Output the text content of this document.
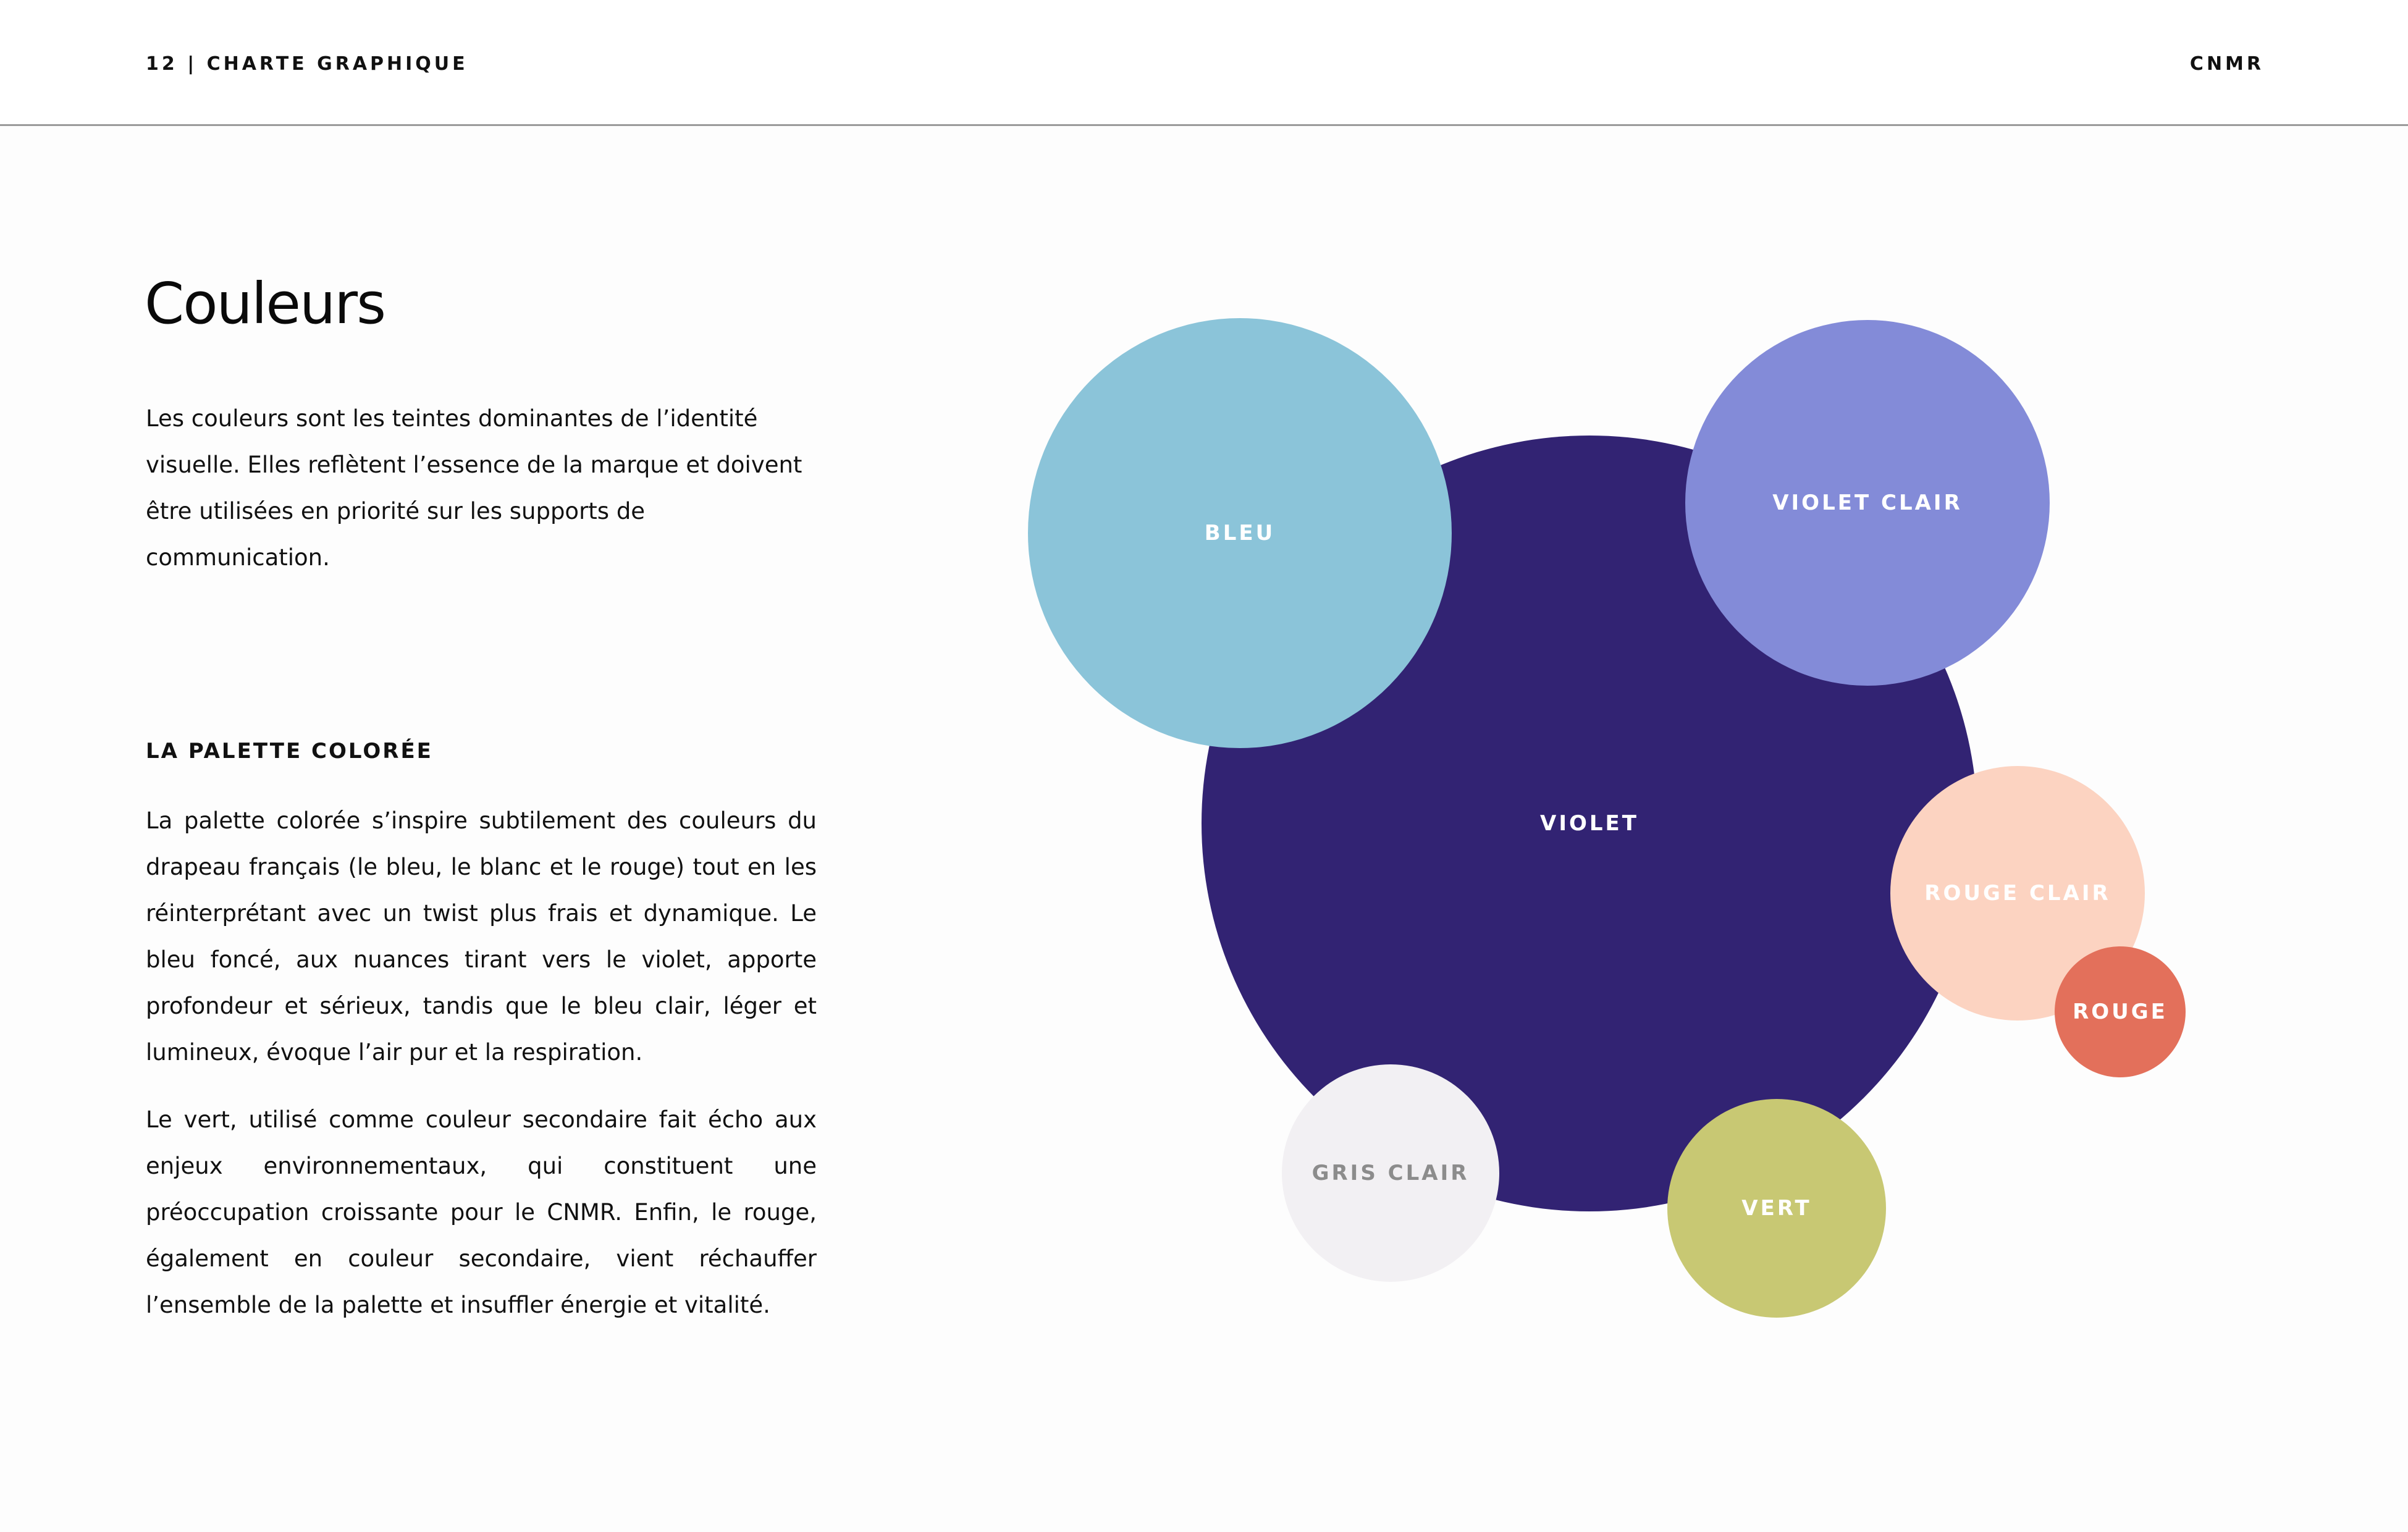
12 | CHARTE GRAPHIQUE	CNMR
Couleurs
Les couleurs sont les teintes dominantes de l’identité visuelle. Elles reflètent l’essence de la marque et doivent être utilisées en priorité sur les supports de communication.
LA PALETTE COLORÉE
La palette colorée s’inspire subtilement des couleurs du drapeau français (le bleu, le blanc et le rouge) tout en les réinterprétant avec un twist plus frais et dynamique. Le bleu foncé, aux nuances tirant vers le violet, apporte profondeur et sérieux, tandis que le bleu clair, léger et lumineux, évoque l’air pur et la respiration.
Le vert, utilisé comme couleur secondaire fait écho aux enjeux environnementaux, qui constituent une préoccupation croissante pour le CNMR. Enfin, le rouge, également en couleur secondaire, vient réchauffer l’ensemble de la palette et insuffler énergie et vitalité.
VIOLET
BLEU
VIOLET CLAIR
ROUGE CLAIR
ROUGE
GRIS CLAIR
VERT
